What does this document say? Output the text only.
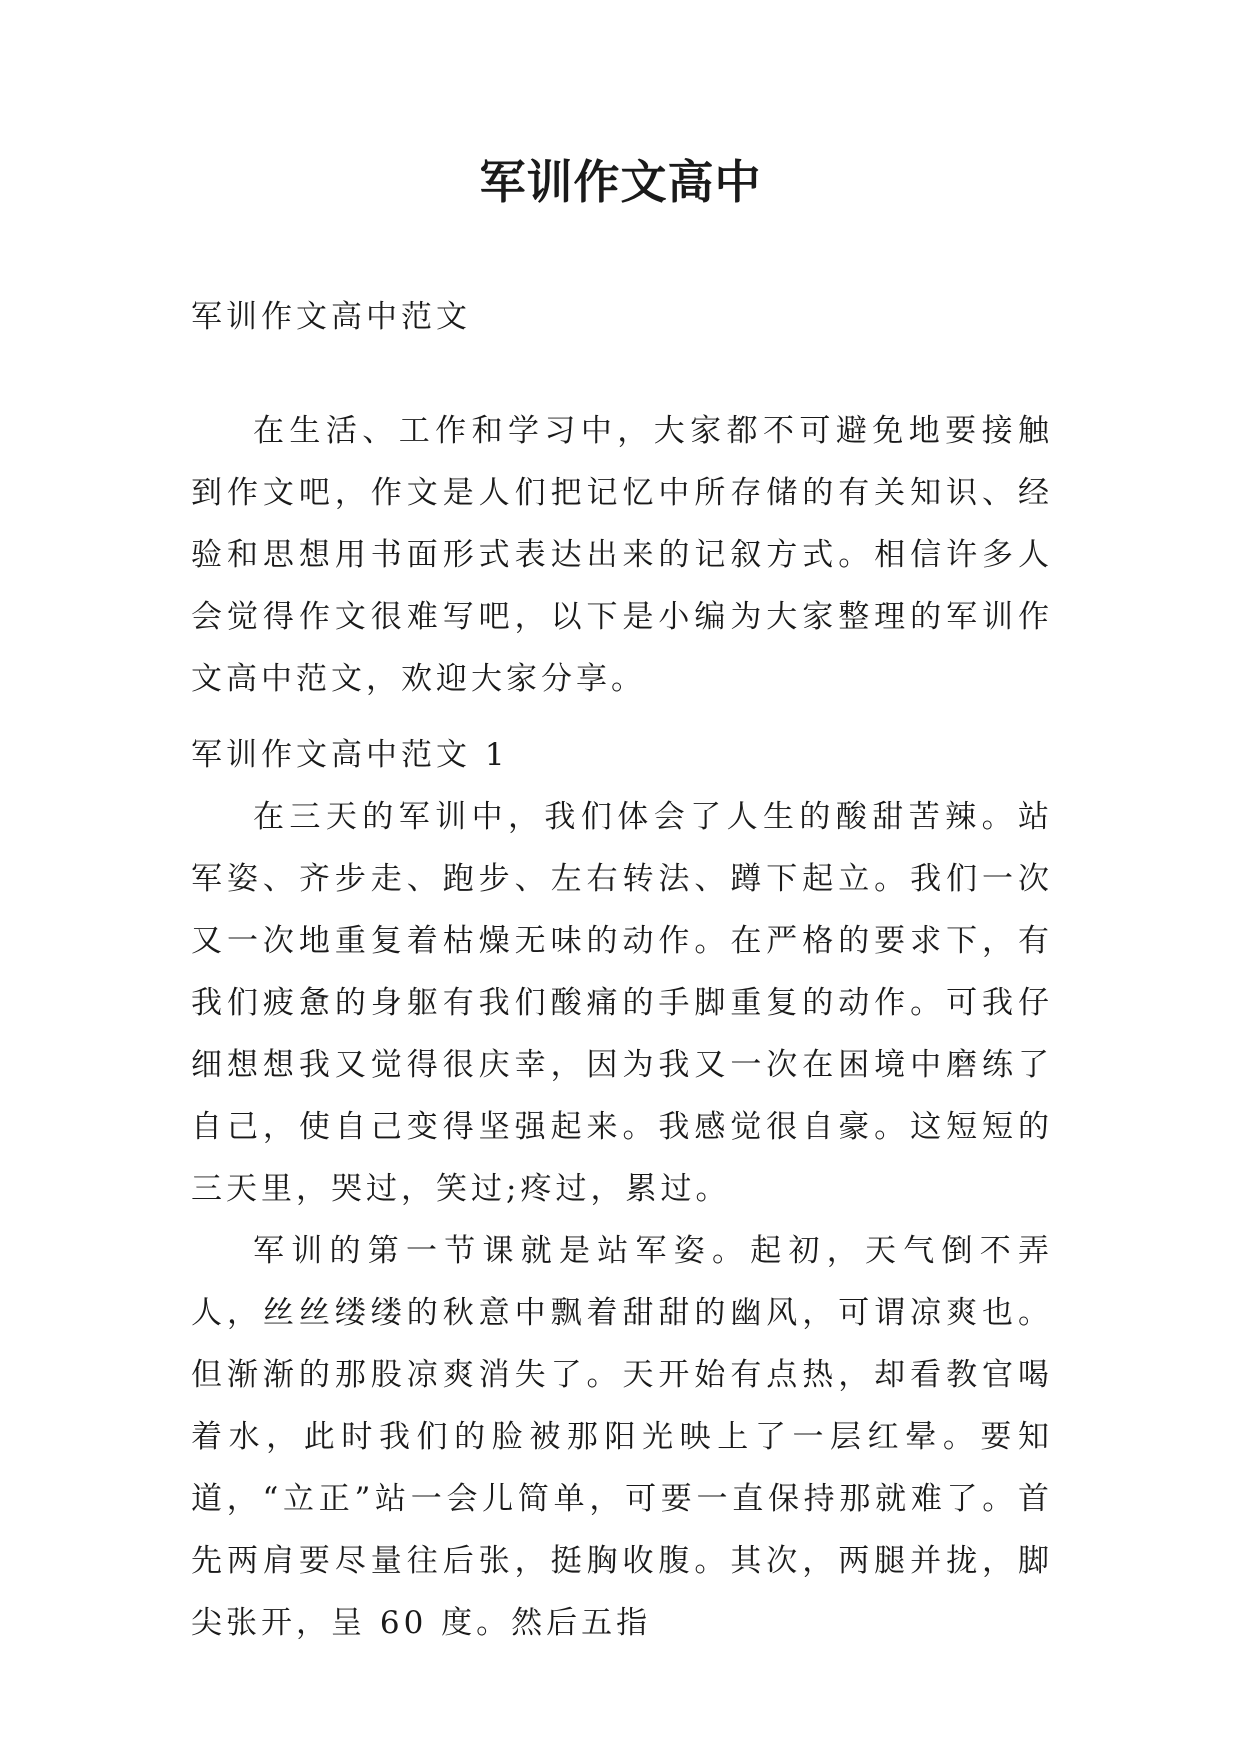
军训作文高中

军训作文高中范文

在生活、工作和学习中，大家都不可避免地要接触到作文吧，作文是人们把记忆中所存储的有关知识、经验和思想用书面形式表达出来的记叙方式。相信许多人会觉得作文很难写吧，以下是小编为大家整理的军训作文高中范文，欢迎大家分享。

军训作文高中范文 1

在三天的军训中，我们体会了人生的酸甜苦辣。站军姿、齐步走、跑步、左右转法、蹲下起立。我们一次又一次地重复着枯燥无味的动作。在严格的要求下，有我们疲惫的身躯有我们酸痛的手脚重复的动作。可我仔细想想我又觉得很庆幸，因为我又一次在困境中磨练了自己，使自己变得坚强起来。我感觉很自豪。这短短的三天里，哭过，笑过;疼过，累过。

军训的第一节课就是站军姿。起初，天气倒不弄人，丝丝缕缕的秋意中飘着甜甜的幽风，可谓凉爽也。但渐渐的那股凉爽消失了。天开始有点热，却看教官喝着水，此时我们的脸被那阳光映上了一层红晕。要知道，“立正”站一会儿简单，可要一直保持那就难了。首先两肩要尽量往后张，挺胸收腹。其次，两腿并拢，脚尖张开，呈 60 度。然后五指
